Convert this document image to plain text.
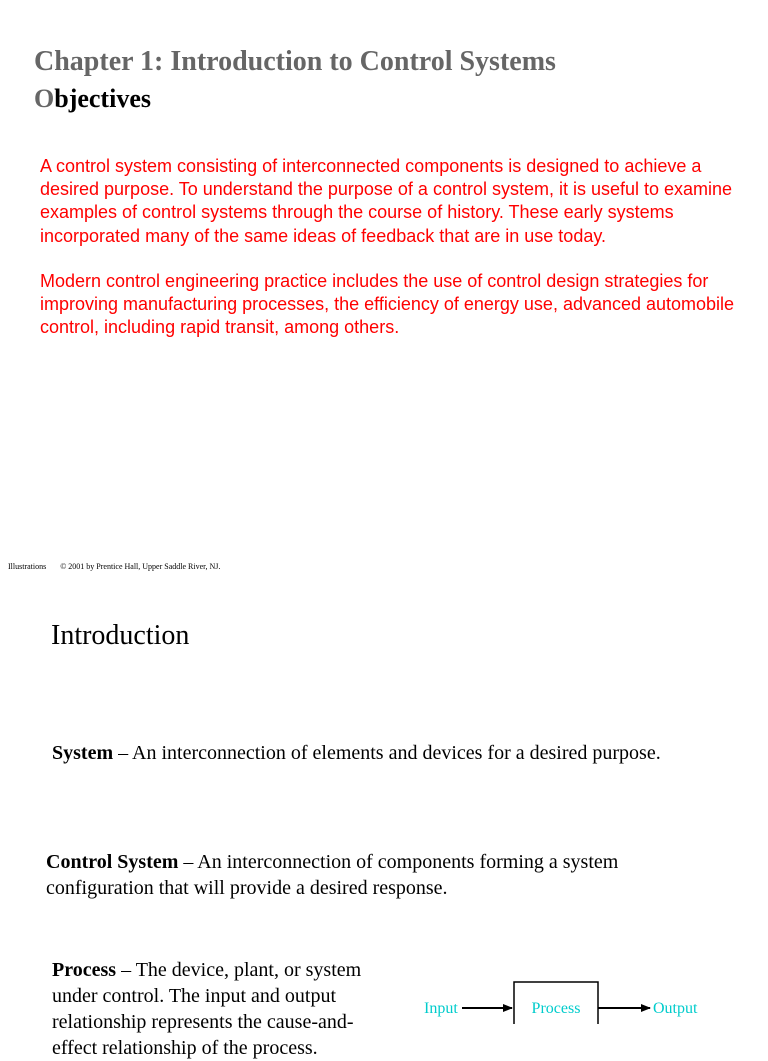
Chapter 1: Introduction to Control Systems
Objectives

A control system consisting of interconnected components is designed to achieve a desired purpose. To understand the purpose of a control system, it is useful to examine examples of control systems through the course of history. These early systems incorporated many of the same ideas of feedback that are in use today.

Modern control engineering practice includes the use of control design strategies for improving manufacturing processes, the efficiency of energy use, advanced automobile control, including rapid transit, among others.

Illustrations © 2001 by Prentice Hall, Upper Saddle River, NJ.
Introduction

System – An interconnection of elements and devices for a desired purpose.

Control System – An interconnection of components forming a system configuration that will provide a desired response.

Process – The device, plant, or system under control. The input and output relationship represents the cause-and-effect relationship of the process.

Input	Process	Output
